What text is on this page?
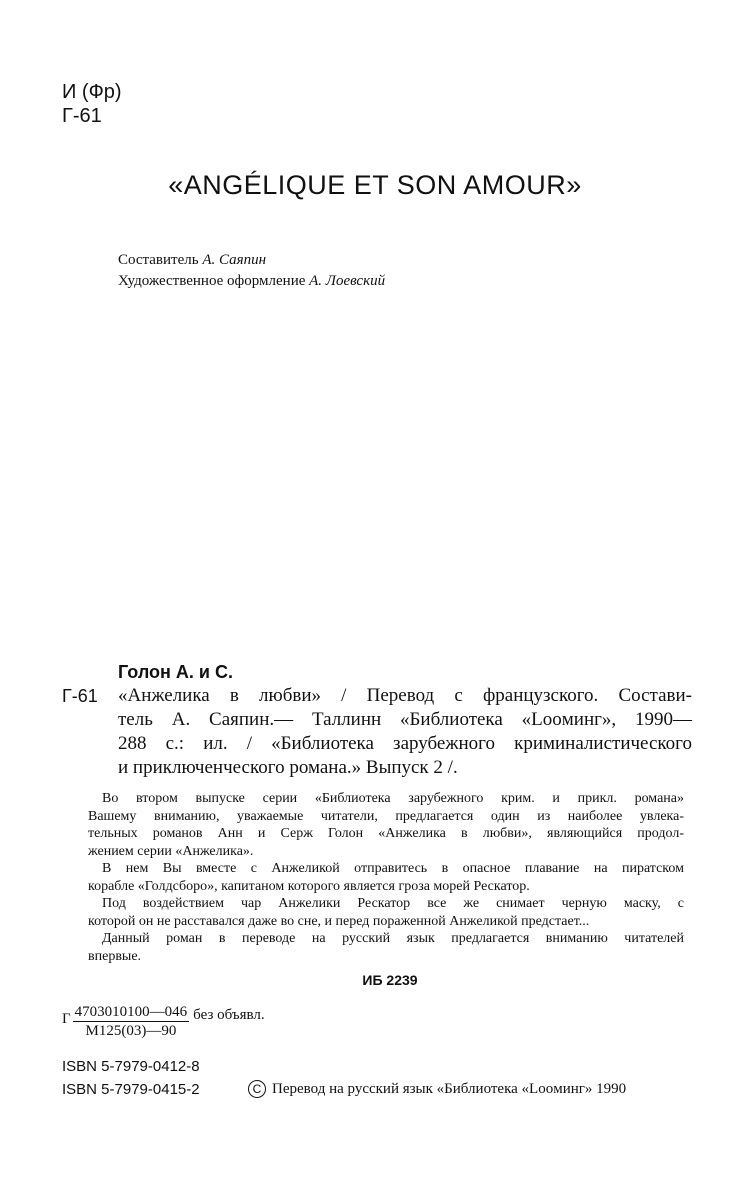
И (Фр)
Г-61
«ANGÉLIQUE ET SON AMOUR»
Составитель А. Саяпин
Художественное оформление А. Лоевский
Голон А. и С.
Г-61	«Анжелика в любви» / Перевод с французского. Состави-
тель А. Саяпин.— Таллинн «Библиотека «Looминг», 1990—
288 с.: ил. / «Библиотека зарубежного криминалистического
и приключенческого романа.» Выпуск 2 /.

Во втором выпуске серии «Библиотека зарубежного крим. и прикл. романа»
Вашему вниманию, уважаемые читатели, предлагается один из наиболее увлека-
тельных романов Анн и Серж Голон «Анжелика в любви», являющийся продол-
жением серии «Анжелика».

В нем Вы вместе с Анжеликой отправитесь в опасное плавание на пиратском
корабле «Голдсборо», капитаном которого является гроза морей Рескатор.

Под воздействием чар Анжелики Рескатор все же снимает черную маску, с
которой он не расставался даже во сне, и перед пораженной Анжеликой предстает...

Данный роман в переводе на русский язык предлагается вниманию читателей
впервые.

ИБ 2239
Г $\frac{4703010100—046}{М125(03)—90}$ без объявл.
ISBN 5-7979-0412-8
ISBN 5-7979-0415-2	C Перевод на русский язык «Библиотека «Looминг» 1990
